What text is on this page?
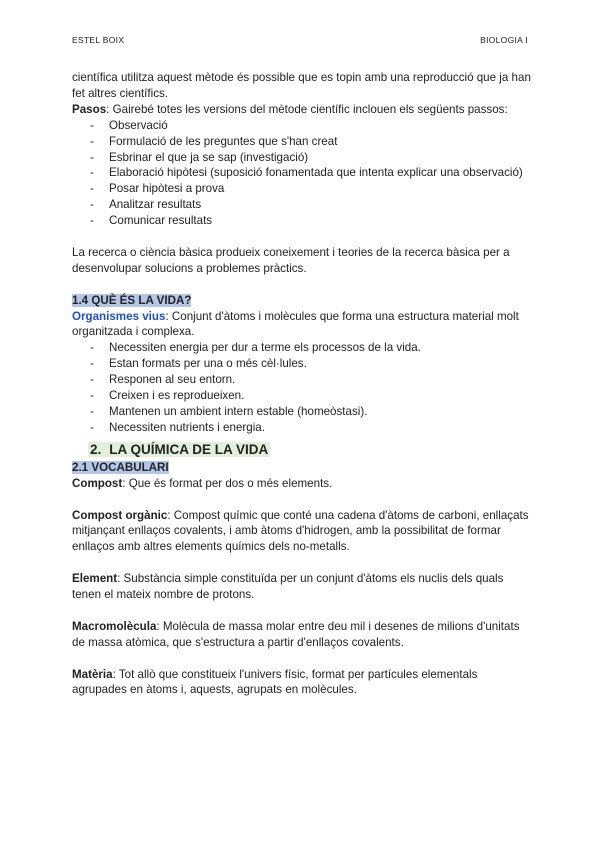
ESTEL BOIX	BIOLOGIA I

científica utilitza aquest mètode és possible que es topin amb una reproducció que ja han fet altres científics.

Pasos: Gairebé totes les versions del mètode científic inclouen els següents passos:

- Observació
- Formulació de les preguntes que s'han creat
- Esbrinar el que ja se sap (investigació)
- Elaboració hipòtesi (suposició fonamentada que intenta explicar una observació)
- Posar hipòtesi a prova
- Analitzar resultats
- Comunicar resultats

La recerca o ciència bàsica produeix coneixement i teories de la recerca bàsica per a desenvolupar solucions a problemes pràctics.

1.4 QUÈ ÉS LA VIDA?

Organismes vius: Conjunt d'àtoms i molècules que forma una estructura material molt organitzada i complexa.

- Necessiten energia per dur a terme els processos de la vida.
- Estan formats per una o més cèl·lules.
- Responen al seu entorn.
- Creixen i es reprodueixen.
- Mantenen un ambient intern estable (homeòstasi).
- Necessiten nutrients i energia.
2. LA QUÍMICA DE LA VIDA

2.1 VOCABULARI

Compost: Que és format per dos o més elements.

Compost orgànic: Compost químic que conté una cadena d'àtoms de carboni, enllaçats mitjançant enllaços covalents, i amb àtoms d'hidrogen, amb la possibilitat de formar enllaços amb altres elements químics dels no-metalls.

Element: Substància simple constituïda per un conjunt d'àtoms els nuclis dels quals tenen el mateix nombre de protons.

Macromolècula: Molècula de massa molar entre deu mil i desenes de milions d'unitats de massa atòmica, que s'estructura a partir d'enllaços covalents.

Matèria: Tot allò que constitueix l'univers físic, format per partícules elementals agrupades en àtoms i, aquests, agrupats en molècules.
